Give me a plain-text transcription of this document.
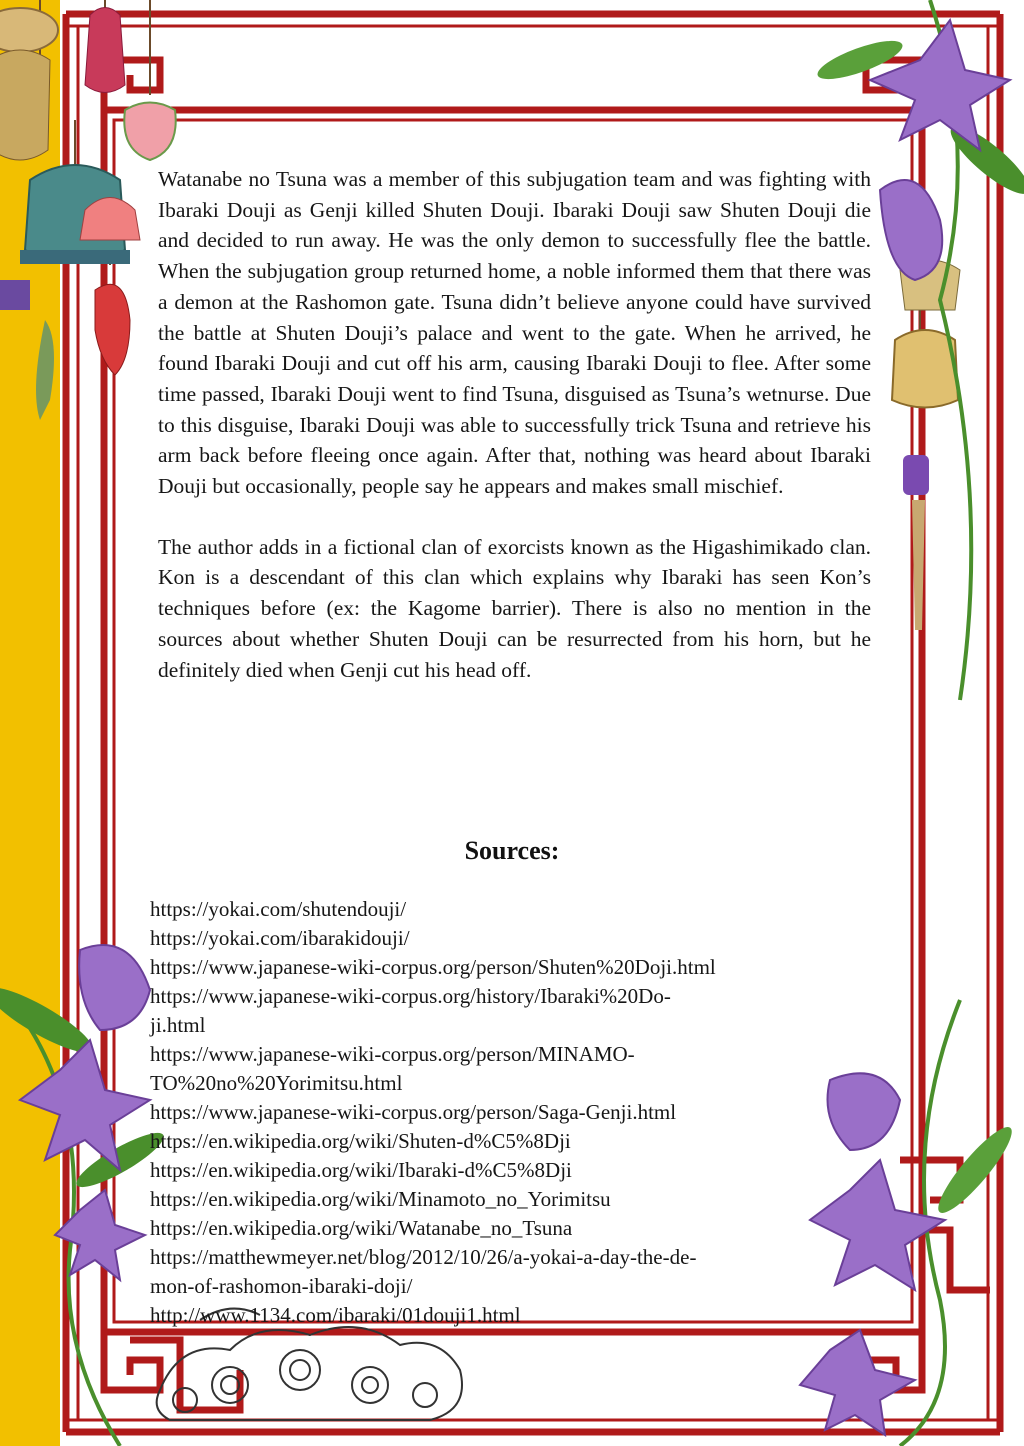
Watanabe no Tsuna was a member of this subjugation team and was fighting with Ibaraki Douji as Genji killed Shuten Douji. Ibaraki Douji saw Shuten Douji die and decided to run away. He was the only demon to successfully flee the battle. When the subjugation group returned home, a noble informed them that there was a demon at the Rashomon gate. Tsuna didn’t believe anyone could have survived the battle at Shuten Douji’s palace and went to the gate. When he arrived, he found Ibaraki Douji and cut off his arm, causing Ibaraki Douji to flee. After some time passed, Ibaraki Douji went to find Tsuna, disguised as Tsuna’s wetnurse. Due to this disguise, Ibaraki Douji was able to successfully trick Tsuna and retrieve his arm back before fleeing once again. After that, nothing was heard about Ibaraki Douji but occasionally, people say he appears and makes small mischief.

The author adds in a fictional clan of exorcists known as the Higashimikado clan. Kon is a descendant of this clan which explains why Ibaraki has seen Kon’s techniques before (ex: the Kagome barrier). There is also no mention in the sources about whether Shuten Douji can be resurrected from his horn, but he definitely died when Genji cut his head off.

Sources:
https://yokai.com/shutendouji/
https://yokai.com/ibarakidouji/
https://www.japanese-wiki-corpus.org/person/Shuten%20Doji.html
https://www.japanese-wiki-corpus.org/history/Ibaraki%20Do-
ji.html
https://www.japanese-wiki-corpus.org/person/MINAMO-
TO%20no%20Yorimitsu.html
https://www.japanese-wiki-corpus.org/person/Saga-Genji.html
https://en.wikipedia.org/wiki/Shuten-d%C5%8Dji
https://en.wikipedia.org/wiki/Ibaraki-d%C5%8Dji
https://en.wikipedia.org/wiki/Minamoto_no_Yorimitsu
https://en.wikipedia.org/wiki/Watanabe_no_Tsuna
https://matthewmeyer.net/blog/2012/10/26/a-yokai-a-day-the-de-
mon-of-rashomon-ibaraki-doji/
http://www.1134.com/ibaraki/01douji1.html
